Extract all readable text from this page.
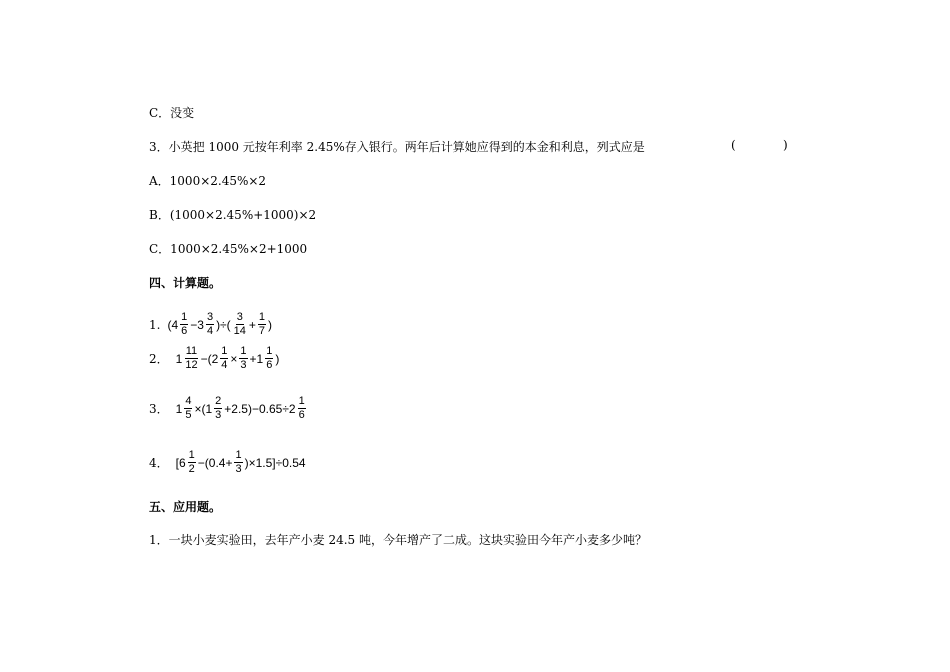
C．没变
3．小英把 1000 元按年利率 2.45%存入银行。两年后计算她应得到的本金和利息，列式应是	(	)
A．1000×2.45%×2
B．(1000×2.45%+1000)×2
C．1000×2.45%×2+1000
四、计算题。
1. ($4 \frac{1}{6} -3 \frac{3}{4}$ )÷( $\frac{3}{14} + \frac{1}{7}$ )
2． $1 \frac{11}{12} -(2 \frac{1}{4} \times \frac{1}{3} +1 \frac{1}{6}$ )
3． $1 \frac{4}{5} \times(1 \frac{2}{3} +2.5)-0.65\div 2 \frac{1}{6}$
4． $[6 \frac{1}{2} -(0.4+ \frac{1}{3} )\times 1.5]\div 0.54$
五、应用题。
1．一块小麦实验田，去年产小麦 24.5 吨，今年增产了二成。这块实验田今年产小麦多少吨？
